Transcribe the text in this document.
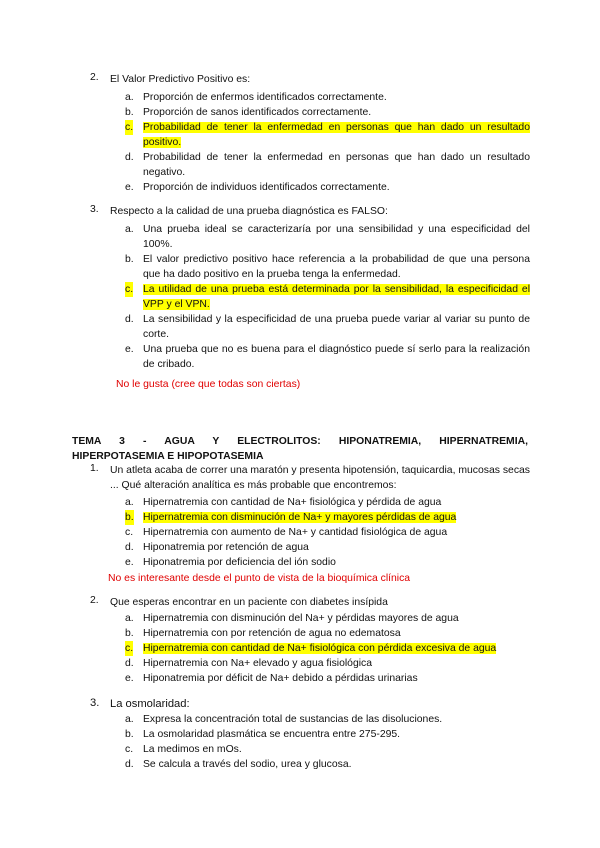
2.	El Valor Predictivo Positivo es:
a. Proporción de enfermos identificados correctamente.
b. Proporción de sanos identificados correctamente.
c. Probabilidad de tener la enfermedad en personas que han dado un resultado positivo.
d. Probabilidad de tener la enfermedad en personas que han dado un resultado negativo.
e. Proporción de individuos identificados correctamente.
3.	Respecto a la calidad de una prueba diagnóstica es FALSO:
a. Una prueba ideal se caracterizaría por una sensibilidad y una especificidad del 100%.
b. El valor predictivo positivo hace referencia a la probabilidad de que una persona que ha dado positivo en la prueba tenga la enfermedad.
c. La utilidad de una prueba está determinada por la sensibilidad, la especificidad el VPP y el VPN.
d. La sensibilidad y la especificidad de una prueba puede variar al variar su punto de corte.
e. Una prueba que no es buena para el diagnóstico puede sí serlo para la realización de cribado.
No le gusta (cree que todas son ciertas)
TEMA 3 - AGUA Y ELECTROLITOS: HIPONATREMIA, HIPERNATREMIA,
HIPERPOTASEMIA E HIPOPOTASEMIA
1.	Un atleta acaba de correr una maratón y presenta hipotensión, taquicardia, mucosas secas ... Qué alteración analítica es más probable que encontremos:
a. Hipernatremia con cantidad de Na+ fisiológica y pérdida de agua
b. Hipernatremia con disminución de Na+ y mayores pérdidas de agua
c. Hipernatremia con aumento de Na+ y cantidad fisiológica de agua
d. Hiponatremia por retención de agua
e. Hiponatremia por deficiencia del ión sodio
No es interesante desde el punto de vista de la bioquímica clínica
2.	Que esperas encontrar en un paciente con diabetes insípida
a. Hipernatremia con disminución del Na+ y pérdidas mayores de agua
b. Hipernatremia con por retención de agua no edematosa
c. Hipernatremia con cantidad de Na+ fisiológica con pérdida excesiva de agua
d. Hipernatremia con Na+ elevado y agua fisiológica
e. Hiponatremia por déficit de Na+ debido a pérdidas urinarias
3. La osmolaridad:
a. Expresa la concentración total de sustancias de las disoluciones.
b. La osmolaridad plasmática se encuentra entre 275-295.
c. La medimos en mOs.
d. Se calcula a través del sodio, urea y glucosa.
